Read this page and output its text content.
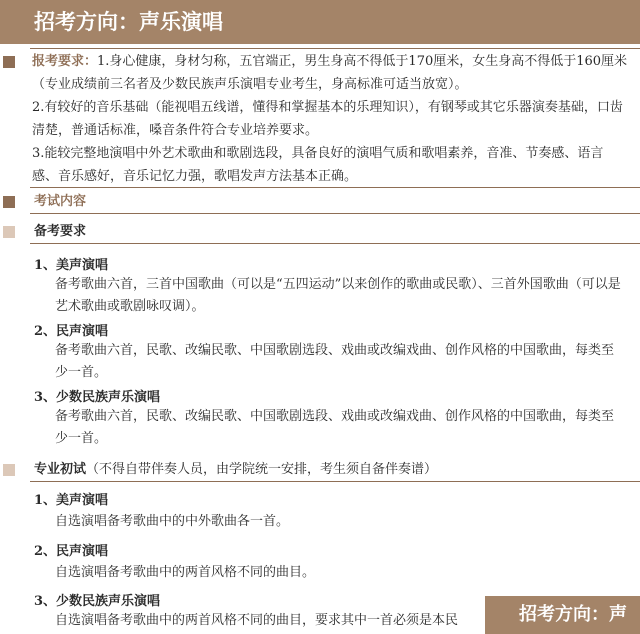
招考方向：声乐演唱
报考要求：1.身心健康，身材匀称，五官端正，男生身高不得低于170厘米，女生身高不得低于160厘米（专业成绩前三名者及少数民族声乐演唱专业考生，身高标准可适当放宽）。
2.有较好的音乐基础（能视唱五线谱，懂得和掌握基本的乐理知识），有钢琴或其它乐器演奏基础，口齿清楚，普通话标准，嗓音条件符合专业培养要求。
3.能较完整地演唱中外艺术歌曲和歌剧选段，具备良好的演唱气质和歌唱素养，音准、节奏感、语言感、音乐感好，音乐记忆力强，歌唱发声方法基本正确。
考试内容
备考要求
1、美声演唱
备考歌曲六首，三首中国歌曲（可以是“五四运动”以来创作的歌曲或民歌）、三首外国歌曲（可以是艺术歌曲或歌剧咏叹调）。
2、民声演唱
备考歌曲六首，民歌、改编民歌、中国歌剧选段、戏曲或改编戏曲、创作风格的中国歌曲，每类至少一首。
3、少数民族声乐演唱
备考歌曲六首，民歌、改编民歌、中国歌剧选段、戏曲或改编戏曲、创作风格的中国歌曲，每类至少一首。
专业初试（不得自带伴奏人员，由学院统一安排，考生须自备伴奏谱）
1、美声演唱
自选演唱备考歌曲中的中外歌曲各一首。
2、民声演唱
自选演唱备考歌曲中的两首风格不同的曲目。
3、少数民族声乐演唱
自选演唱备考歌曲中的两首风格不同的曲目，要求其中一首必须是本民	招考方向：声
